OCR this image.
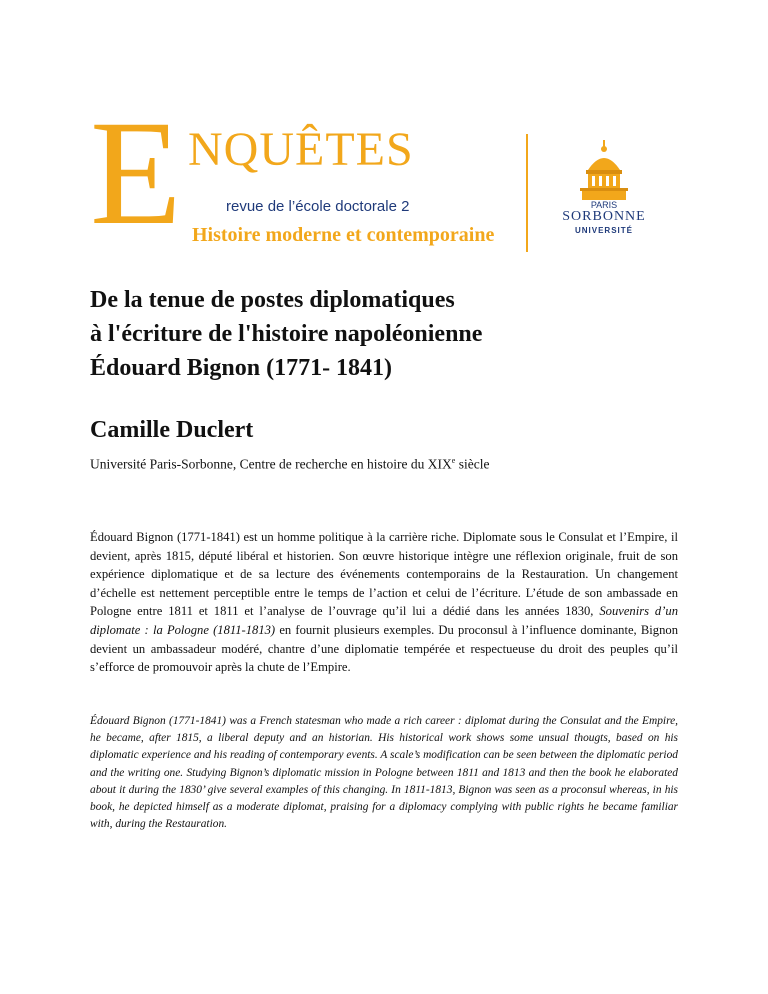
E NQUÊTES
revue de l’école doctorale 2
Histoire moderne et contemporaine
PARIS
SORBONNE
UNIVERSITÉ
De la tenue de postes diplomatiques
à l'écriture de l'histoire napoléonienne
Édouard Bignon (1771- 1841)
Camille Duclert
Université Paris-Sorbonne, Centre de recherche en histoire du XIXe siècle

Édouard Bignon (1771-1841) est un homme politique à la carrière riche. Diplomate sous le Consulat et l’Empire, il devient, après 1815, député libéral et historien. Son œuvre historique intègre une réflexion originale, fruit de son expérience diplomatique et de sa lecture des événements contemporains de la Restauration. Un changement d’échelle est nettement perceptible entre le temps de l’action et celui de l’écriture. L’étude de son ambassade en Pologne entre 1811 et 1811 et l’analyse de l’ouvrage qu’il lui a dédié dans les années 1830, Souvenirs d’un diplomate : la Pologne (1811-1813) en fournit plusieurs exemples. Du proconsul à l’influence dominante, Bignon devient un ambassadeur modéré, chantre d’une diplomatie tempérée et respectueuse du droit des peuples qu’il s’efforce de promouvoir après la chute de l’Empire.

Édouard Bignon (1771-1841) was a French statesman who made a rich career : diplomat during the Consulat and the Empire, he became, after 1815, a liberal deputy and an historian. His historical work shows some unsual thougts, based on his diplomatic experience and his reading of contemporary events. A scale’s modification can be seen between the diplomatic period and the writing one. Studying Bignon’s diplomatic mission in Pologne between 1811 and 1813 and then the book he elaborated about it during the 1830’ give several examples of this changing. In 1811-1813, Bignon was seen as a proconsul whereas, in his book, he depicted himself as a moderate diplomat, praising for a diplomacy complying with public rights he became familiar with, during the Restauration.
